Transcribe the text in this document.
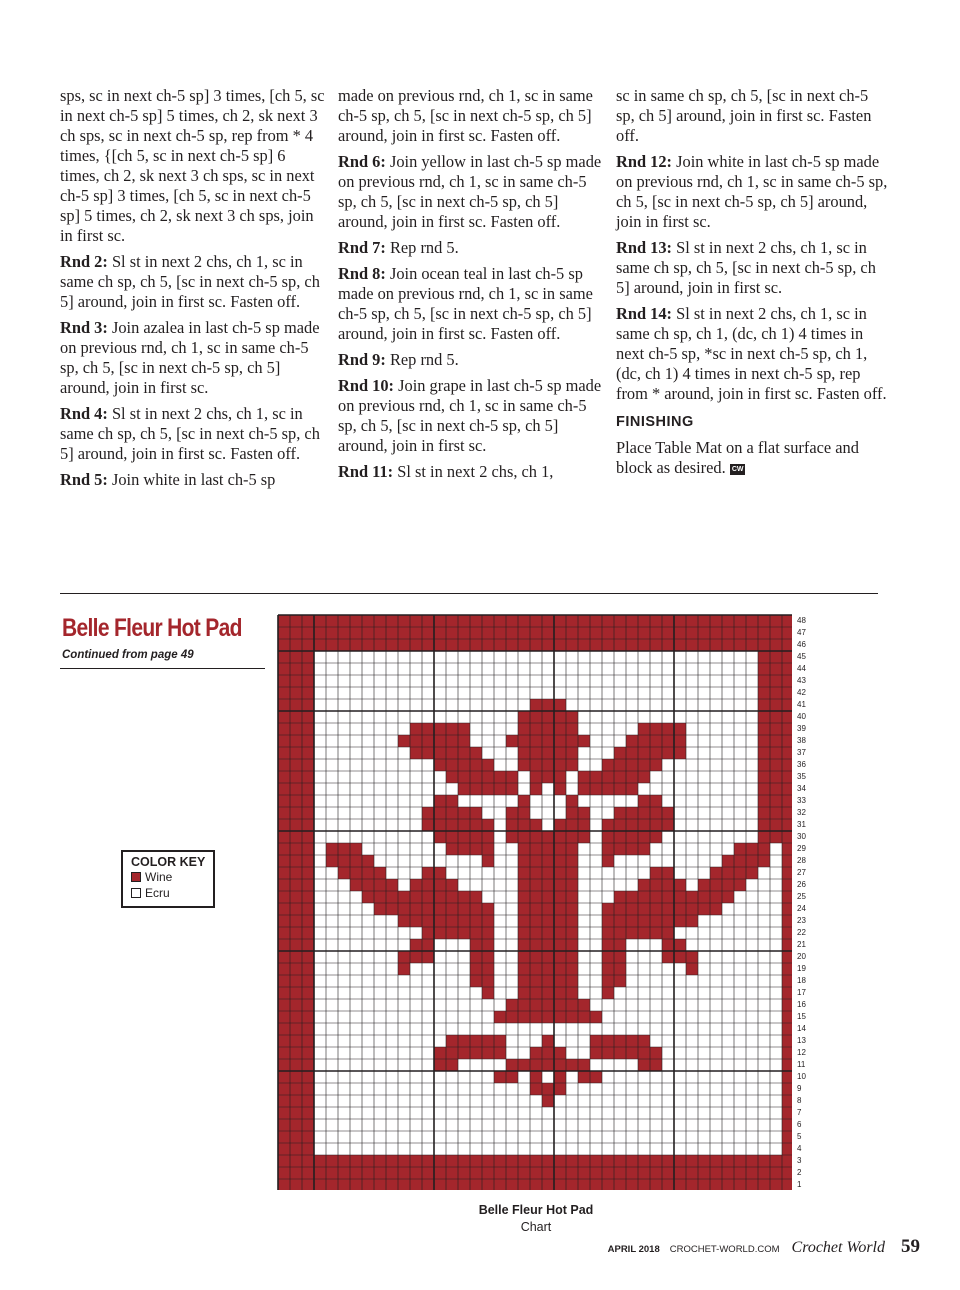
sps, sc in next ch-5 sp] 3 times, [ch 5, sc in next ch-5 sp] 5 times, ch 2, sk next 3 ch sps, sc in next ch-5 sp, rep from * 4 times, {[ch 5, sc in next ch-5 sp] 6 times, ch 2, sk next 3 ch sps, sc in next ch-5 sp] 3 times, [ch 5, sc in next ch-5 sp] 5 times, ch 2, sk next 3 ch sps, join in first sc.

Rnd 2: Sl st in next 2 chs, ch 1, sc in same ch sp, ch 5, [sc in next ch-5 sp, ch 5] around, join in first sc. Fasten off.

Rnd 3: Join azalea in last ch-5 sp made on previous rnd, ch 1, sc in same ch-5 sp, ch 5, [sc in next ch-5 sp, ch 5] around, join in first sc.

Rnd 4: Sl st in next 2 chs, ch 1, sc in same ch sp, ch 5, [sc in next ch-5 sp, ch 5] around, join in first sc. Fasten off.

Rnd 5: Join white in last ch-5 sp

made on previous rnd, ch 1, sc in same ch-5 sp, ch 5, [sc in next ch-5 sp, ch 5] around, join in first sc. Fasten off.

Rnd 6: Join yellow in last ch-5 sp made on previous rnd, ch 1, sc in same ch-5 sp, ch 5, [sc in next ch-5 sp, ch 5] around, join in first sc. Fasten off.

Rnd 7: Rep rnd 5.

Rnd 8: Join ocean teal in last ch-5 sp made on previous rnd, ch 1, sc in same ch-5 sp, ch 5, [sc in next ch-5 sp, ch 5] around, join in first sc. Fasten off.

Rnd 9: Rep rnd 5.

Rnd 10: Join grape in last ch-5 sp made on previous rnd, ch 1, sc in same ch-5 sp, ch 5, [sc in next ch-5 sp, ch 5] around, join in first sc.

Rnd 11: Sl st in next 2 chs, ch 1,

sc in same ch sp, ch 5, [sc in next ch-5 sp, ch 5] around, join in first sc. Fasten off.

Rnd 12: Join white in last ch-5 sp made on previous rnd, ch 1, sc in same ch-5 sp, ch 5, [sc in next ch-5 sp, ch 5] around, join in first sc.

Rnd 13: Sl st in next 2 chs, ch 1, sc in same ch sp, ch 5, [sc in next ch-5 sp, ch 5] around, join in first sc.

Rnd 14: Sl st in next 2 chs, ch 1, sc in same ch sp, ch 1, (dc, ch 1) 4 times in next ch-5 sp, *sc in next ch-5 sp, ch 1, (dc, ch 1) 4 times in next ch-5 sp, rep from * around, join in first sc. Fasten off.

FINISHING

Place Table Mat on a flat surface and block as desired. CW

Belle Fleur Hot Pad
Continued from page 49
COLOR KEY
Wine
Ecru
48
47
46
45
44
43
42
41
40
39
38
37
36
35
34
33
32
31
30
29
28
27
26
25
24
23
22
21
20
19
18
17
16
15
14
13
12
11
10
9
8
7
6
5
4
3
2
1
Belle Fleur Hot Pad
Chart
APRIL 2018 CROCHET-WORLD.COM Crochet World 59
